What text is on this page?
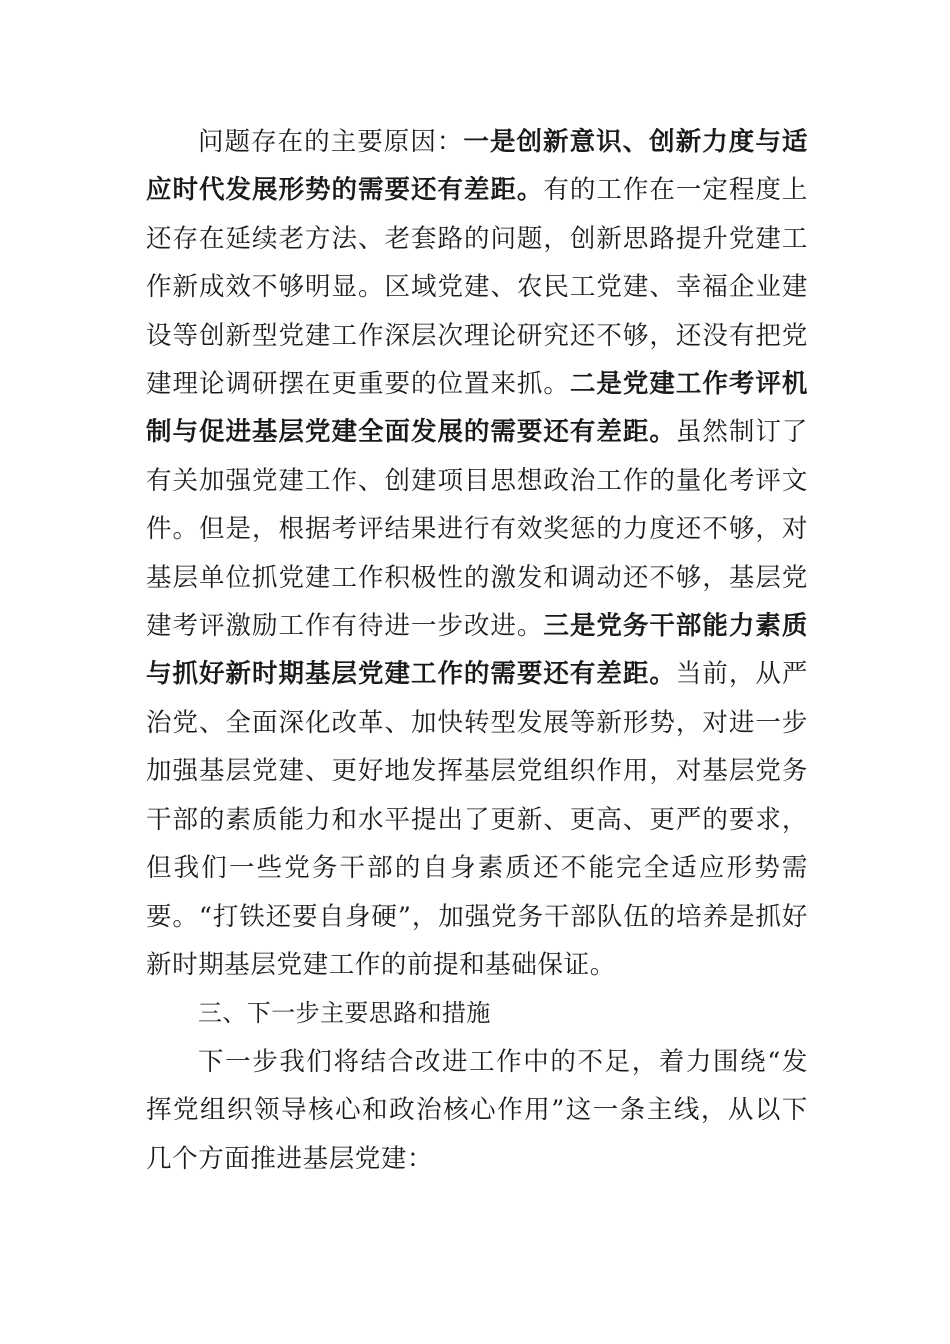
问题存在的主要原因：一是创新意识、创新力度与适应时代发展形势的需要还有差距。有的工作在一定程度上还存在延续老方法、老套路的问题，创新思路提升党建工作新成效不够明显。区域党建、农民工党建、幸福企业建设等创新型党建工作深层次理论研究还不够，还没有把党建理论调研摆在更重要的位置来抓。二是党建工作考评机制与促进基层党建全面发展的需要还有差距。虽然制订了有关加强党建工作、创建项目思想政治工作的量化考评文件。但是，根据考评结果进行有效奖惩的力度还不够，对基层单位抓党建工作积极性的激发和调动还不够，基层党建考评激励工作有待进一步改进。三是党务干部能力素质与抓好新时期基层党建工作的需要还有差距。当前，从严治党、全面深化改革、加快转型发展等新形势，对进一步加强基层党建、更好地发挥基层党组织作用，对基层党务干部的素质能力和水平提出了更新、更高、更严的要求，但我们一些党务干部的自身素质还不能完全适应形势需要。“打铁还要自身硬”，加强党务干部队伍的培养是抓好新时期基层党建工作的前提和基础保证。

三、下一步主要思路和措施

下一步我们将结合改进工作中的不足，着力围绕“发挥党组织领导核心和政治核心作用”这一条主线，从以下几个方面推进基层党建：
